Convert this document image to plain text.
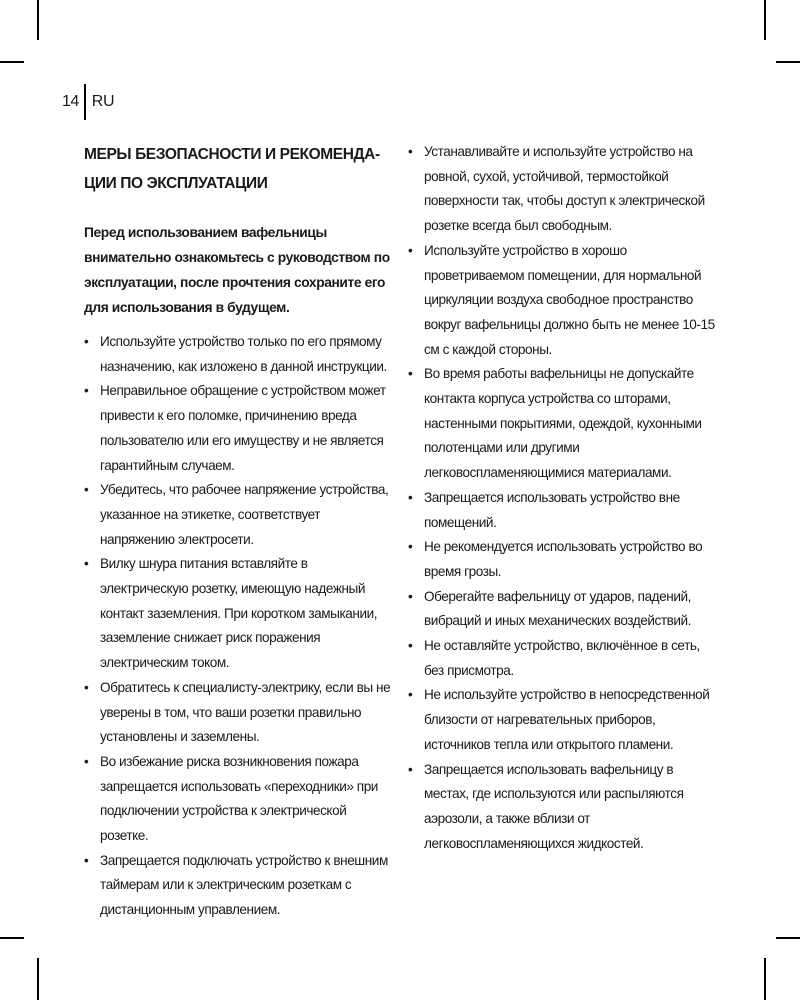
14 RU
МЕРЫ БЕЗОПАСНОСТИ И РЕКОМЕНДАЦИИ ПО ЭКСПЛУАТАЦИИ

Перед использованием вафельницы внимательно ознакомьтесь с руководством по эксплуатации, после прочтения сохраните его для использования в будущем.

• Используйте устройство только по его прямому назначению, как изложено в данной инструкции.
• Неправильное обращение с устройством может привести к его поломке, причинению вреда пользователю или его имуществу и не является гарантийным случаем.
• Убедитесь, что рабочее напряжение устройства, указанное на этикетке, соответствует напряжению электросети.
• Вилку шнура питания вставляйте в электрическую розетку, имеющую надежный контакт заземления. При коротком замыкании, заземление снижает риск поражения электрическим током.
• Обратитесь к специалисту-электрику, если вы не уверены в том, что ваши розетки правильно установлены и заземлены.
• Во избежание риска возникновения пожара запрещается использовать «переходники» при подключении устройства к электрической розетке.
• Запрещается подключать устройство к внешним таймерам или к электрическим розеткам с дистанционным управлением.
• Устанавливайте и используйте устройство на ровной, сухой, устойчивой, термостойкой поверхности так, чтобы доступ к электрической розетке всегда был свободным.
• Используйте устройство в хорошо проветриваемом помещении, для нормальной циркуляции воздуха свободное пространство вокруг вафельницы должно быть не менее 10-15 см с каждой стороны.
• Во время работы вафельницы не допускайте контакта корпуса устройства со шторами, настенными покрытиями, одеждой, кухонными полотенцами или другими легковоспламеняющимися материалами.
• Запрещается использовать устройство вне помещений.
• Не рекомендуется использовать устройство во время грозы.
• Оберегайте вафельницу от ударов, падений, вибраций и иных механических воздействий.
• Не оставляйте устройство, включённое в сеть, без присмотра.
• Не используйте устройство в непосредственной близости от нагревательных приборов, источников тепла или открытого пламени.
• Запрещается использовать вафельницу в местах, где используются или распыляются аэрозоли, а также вблизи от легковоспламеняющихся жидкостей.
